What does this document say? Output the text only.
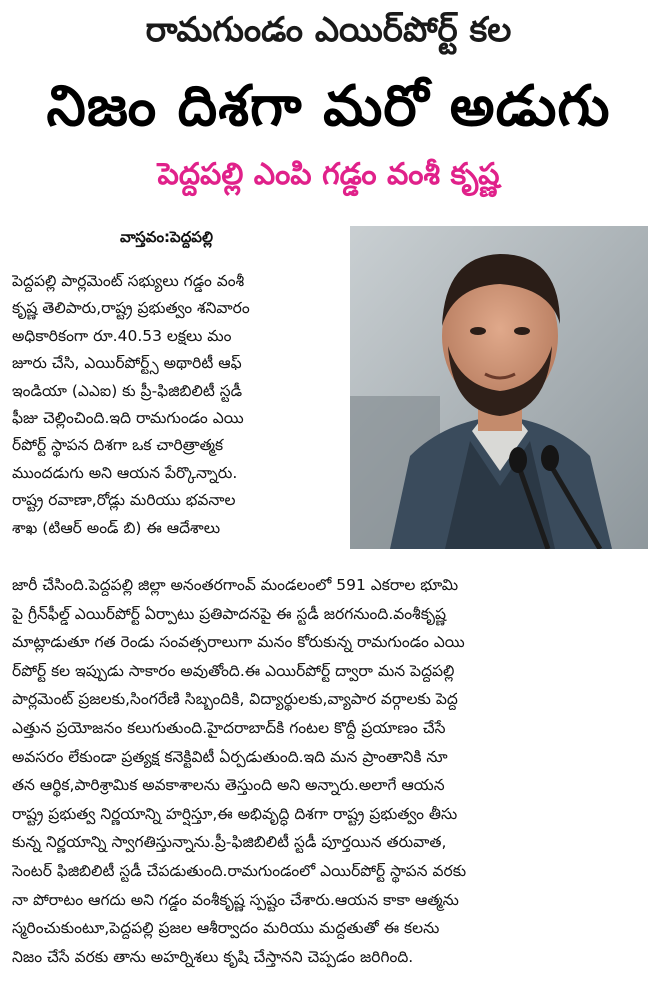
రామగుండం ఎయిర్‌పోర్ట్ కల
నిజం దిశగా మరో అడుగు
పెద్దపల్లి ఎంపి గడ్డం వంశీ కృష్ణ
వాస్తవం:పెద్దపల్లి
పెద్దపల్లి పార్లమెంట్ సభ్యులు గడ్డం వంశీ
కృష్ణ తెలిపారు,రాష్ట్ర ప్రభుత్వం శనివారం
అధికారికంగా రూ.40.53 లక్షలు మం
జూరు చేసి, ఎయిర్‌పోర్ట్స్ అథారిటీ ఆఫ్
ఇండియా (ఎఎఐ) కు ప్రీ-ఫిజిబిలిటీ స్టడీ
ఫీజు చెల్లించింది.ఇది రామగుండం ఎయి
ర్‌పోర్ట్ స్థాపన దిశగా ఒక చారిత్రాత్మక
ముందడుగు అని ఆయన పేర్కొన్నారు.
రాష్ట్ర రవాణా,రోడ్లు మరియు భవనాల
శాఖ (టిఆర్ అండ్ బి) ఈ ఆదేశాలు
జారీ చేసింది.పెద్దపల్లి జిల్లా అనంతరగాంవ్ మండలంలో 591 ఎకరాల భూమి
పై గ్రీన్‌ఫీల్డ్ ఎయిర్‌పోర్ట్ ఏర్పాటు ప్రతిపాదనపై ఈ స్టడీ జరగనుంది.వంశీకృష్ణ
మాట్లాడుతూ గత రెండు సంవత్సరాలుగా మనం కోరుకున్న రామగుండం ఎయి
ర్‌పోర్ట్ కల ఇప్పుడు సాకారం అవుతోంది.ఈ ఎయిర్‌పోర్ట్ ద్వారా మన పెద్దపల్లి
పార్లమెంట్ ప్రజలకు,సింగరేణి సిబ్బందికి, విద్యార్థులకు,వ్యాపార వర్గాలకు పెద్ద
ఎత్తున ప్రయోజనం కలుగుతుంది.హైదరాబాద్‌కి గంటల కొద్దీ ప్రయాణం చేసే
అవసరం లేకుండా ప్రత్యక్ష కనెక్టివిటీ ఏర్పడుతుంది.ఇది మన ప్రాంతానికి నూ
తన ఆర్థిక,పారిశ్రామిక అవకాశాలను తెస్తుంది అని అన్నారు.అలాగే ఆయన
రాష్ట్ర ప్రభుత్వ నిర్ణయాన్ని హర్షిస్తూ,ఈ అభివృద్ధి దిశగా రాష్ట్ర ప్రభుత్వం తీసు
కున్న నిర్ణయాన్ని స్వాగతిస్తున్నాను.ప్రీ-ఫిజిబిలిటీ స్టడీ పూర్తయిన తరువాత,
సెంటర్ ఫిజిబిలిటీ స్టడీ చేపడుతుంది.రామగుండంలో ఎయిర్‌పోర్ట్ స్థాపన వరకు
నా పోరాటం ఆగదు అని గడ్డం వంశీకృష్ణ స్పష్టం చేశారు.ఆయన కాకా ఆత్మను
స్మరించుకుంటూ,పెద్దపల్లి ప్రజల ఆశీర్వాదం మరియు మద్దతుతో ఈ కలను
నిజం చేసే వరకు తాను అహర్నిశలు కృషి చేస్తానని చెప్పడం జరిగింది.
